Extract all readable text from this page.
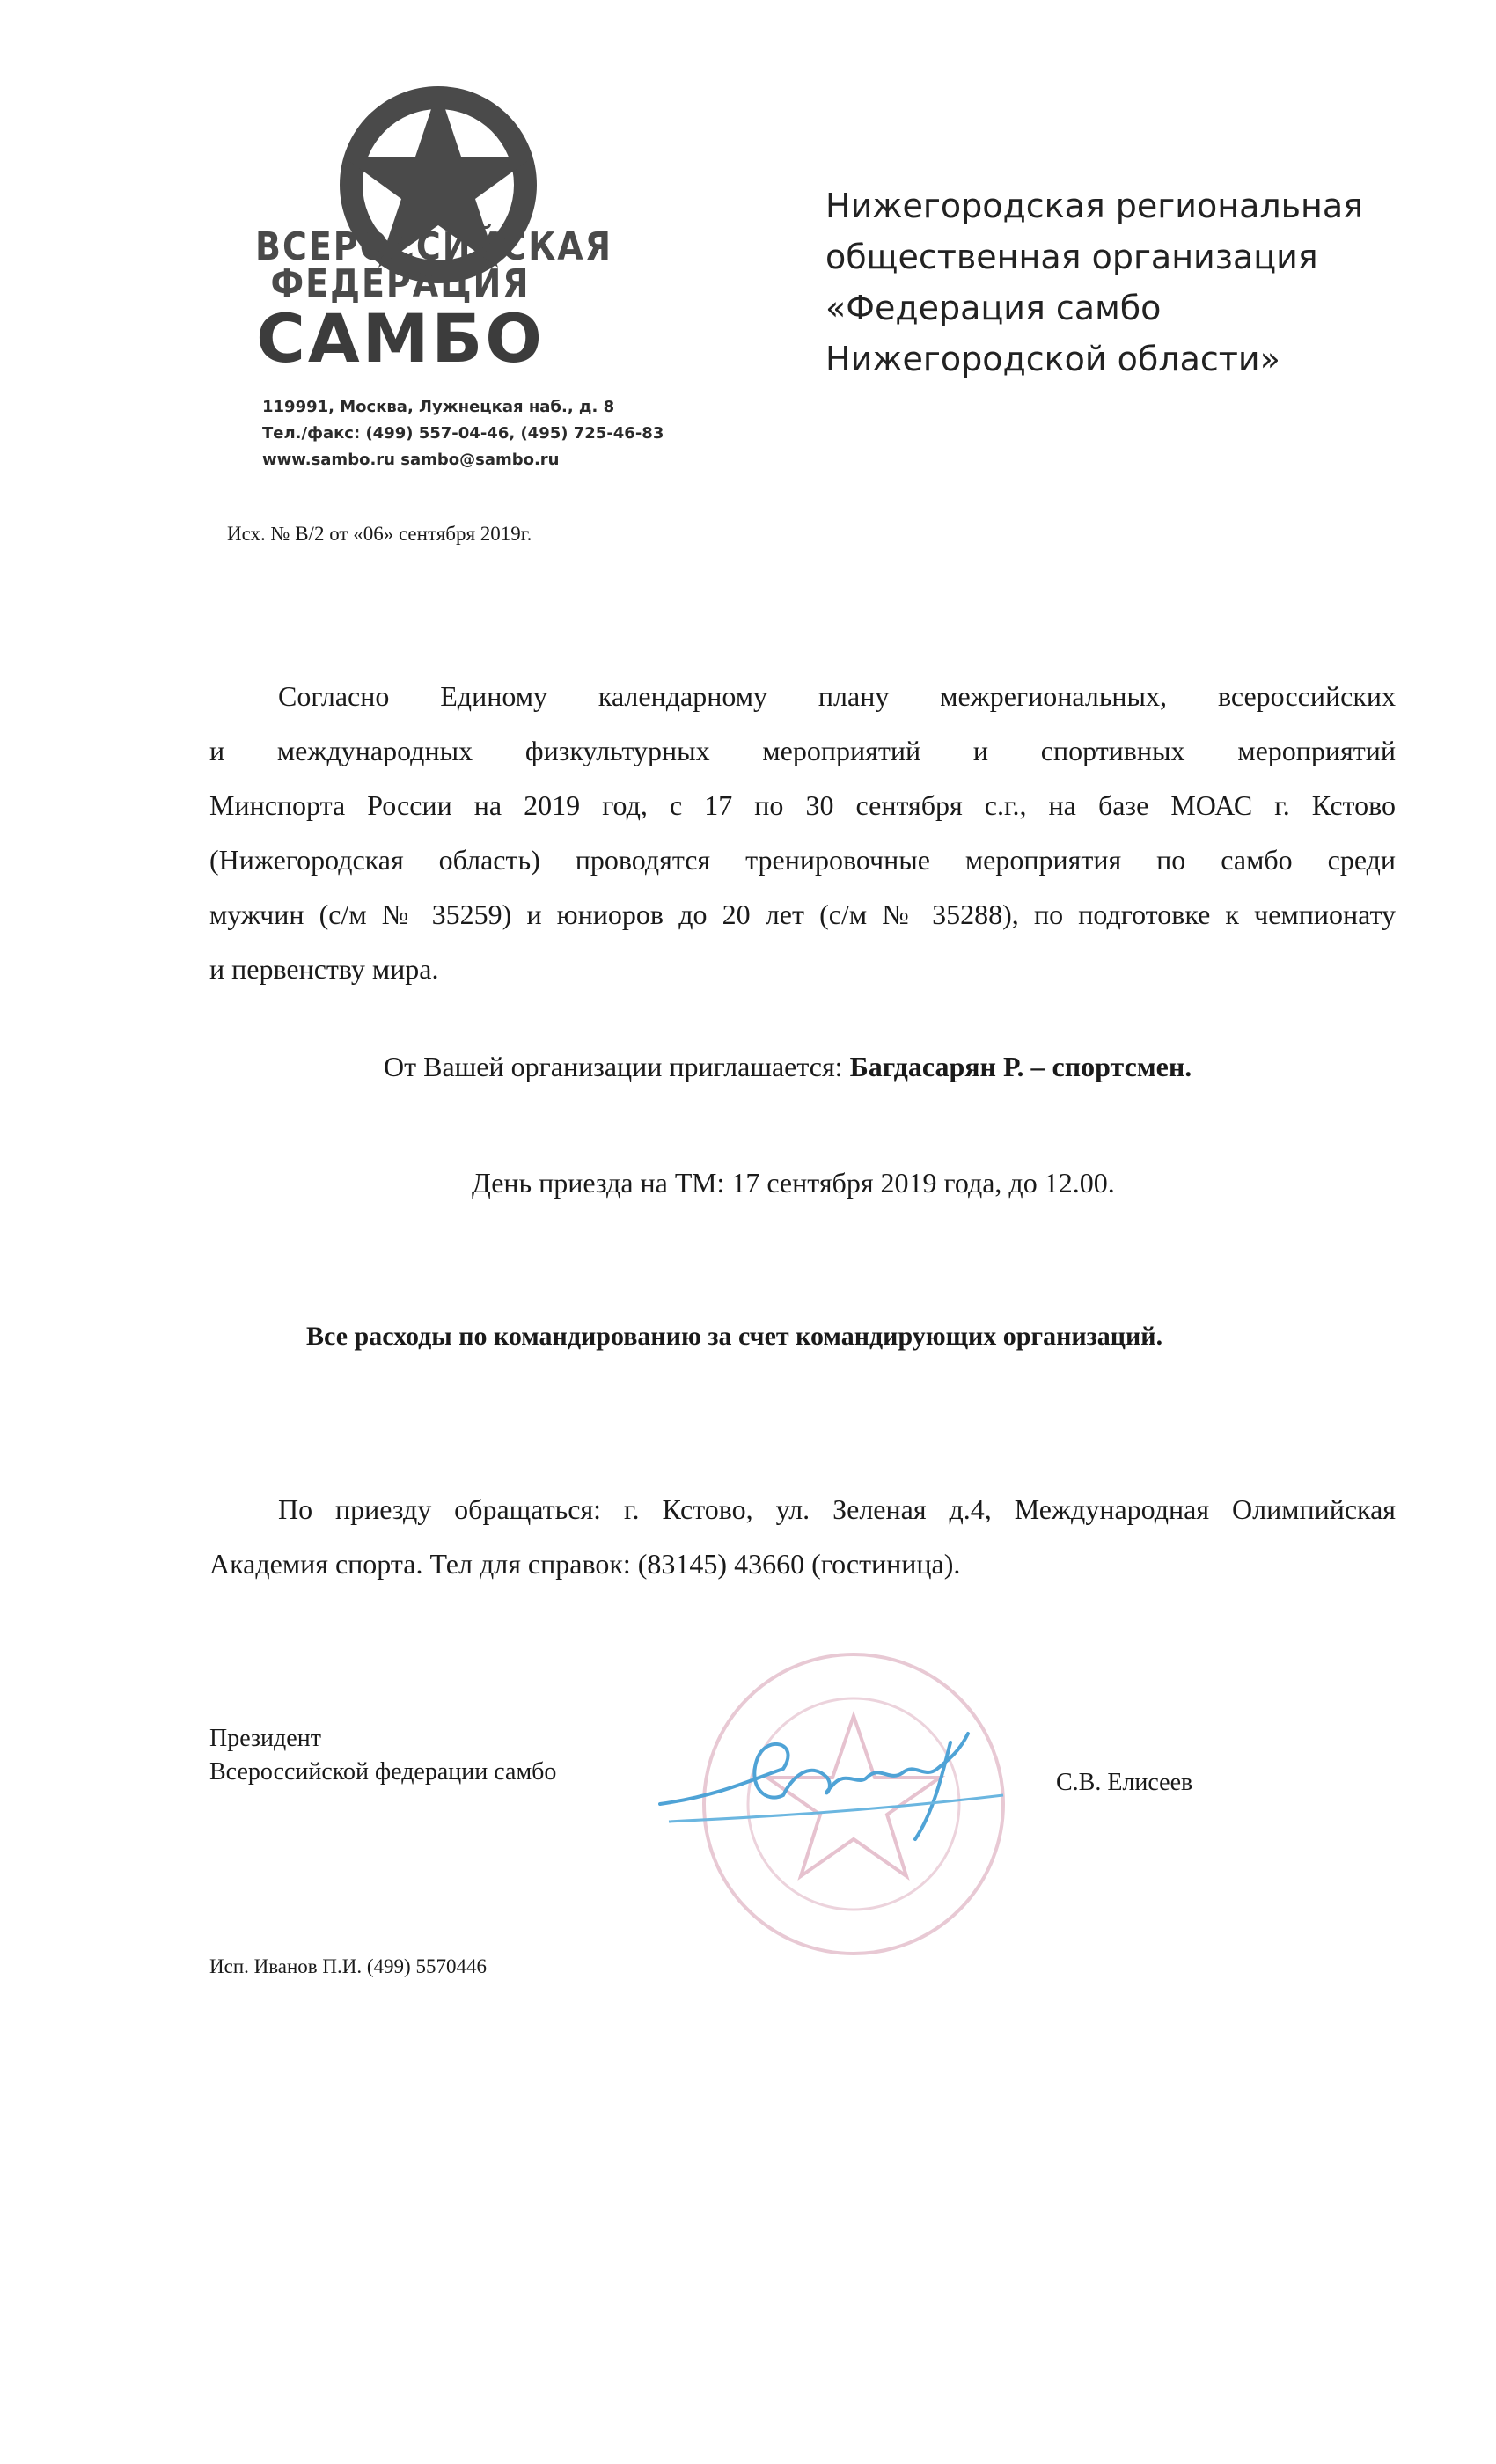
ВСЕРОССИЙСКАЯ
ФЕДЕРАЦИЯ
САМБО
119991, Москва, Лужнецкая наб., д. 8
Тел./факс: (499) 557-04-46, (495) 725-46-83
www.sambo.ru sambo@sambo.ru
Нижегородская региональная
общественная организация
«Федерация самбо
Нижегородской области»
Исх. № В/2 от «06» сентября 2019г.
Согласно Единому календарному плану межрегиональных, всероссийских
и международных физкультурных мероприятий и спортивных мероприятий
Минспорта России на 2019 год, с 17 по 30 сентября с.г., на базе МОАС г. Кстово
(Нижегородская область) проводятся тренировочные мероприятия по самбо среди
мужчин (с/м № 35259) и юниоров до 20 лет (с/м № 35288), по подготовке к чемпионату
и первенству мира.
От Вашей организации приглашается: Багдасарян Р. – спортсмен.
День приезда на ТМ: 17 сентября 2019 года, до 12.00.
Все расходы по командированию за счет командирующих организаций.
По приезду обращаться: г. Кстово, ул. Зеленая д.4, Международная Олимпийская
Академия спорта. Тел для справок: (83145) 43660 (гостиница).
Президент
Всероссийской федерации самбо	С.В. Елисеев
Исп. Иванов П.И. (499) 5570446
